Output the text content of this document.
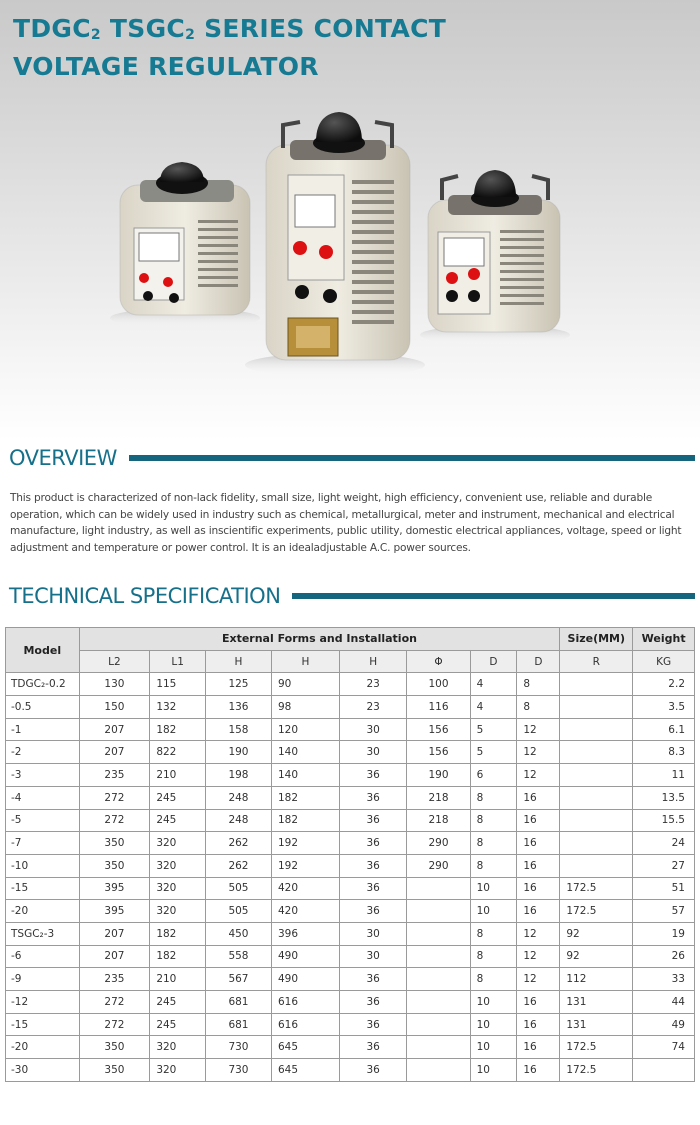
$TDGC_2$ $TSGC_2$ SERIES CONTACT
VOLTAGE REGULATOR
OVERVIEW
This product is characterized of non-lack fidelity, small size, light weight, high efficiency, convenient use, reliable and durable operation, which can be widely used in industry such as chemical, metallurgical, meter and instrument, mechanical and electrical manufacture, light industry, as well as inscientific experiments, public utility, domestic electrical appliances, voltage, speed or light adjustment and temperature or power control. It is an idealadjustable A.C. power sources.
TECHNICAL SPECIFICATION
Model	External Forms and Installation								Size(MM)	Weight
	L2	L1	H	H	H	Φ	D	D	R	KG
TDGC₂-0.2	130	115	125	90	23	100	4	8		2.2
-0.5	150	132	136	98	23	116	4	8		3.5
-1	207	182	158	120	30	156	5	12		6.1
-2	207	822	190	140	30	156	5	12		8.3
-3	235	210	198	140	36	190	6	12		11
-4	272	245	248	182	36	218	8	16		13.5
-5	272	245	248	182	36	218	8	16		15.5
-7	350	320	262	192	36	290	8	16		24
-10	350	320	262	192	36	290	8	16		27
-15	395	320	505	420	36		10	16	172.5	51
-20	395	320	505	420	36		10	16	172.5	57
TSGC₂-3	207	182	450	396	30		8	12	92	19
-6	207	182	558	490	30		8	12	92	26
-9	235	210	567	490	36		8	12	112	33
-12	272	245	681	616	36		10	16	131	44
-15	272	245	681	616	36		10	16	131	49
-20	350	320	730	645	36		10	16	172.5	74
-30	350	320	730	645	36		10	16	172.5	
